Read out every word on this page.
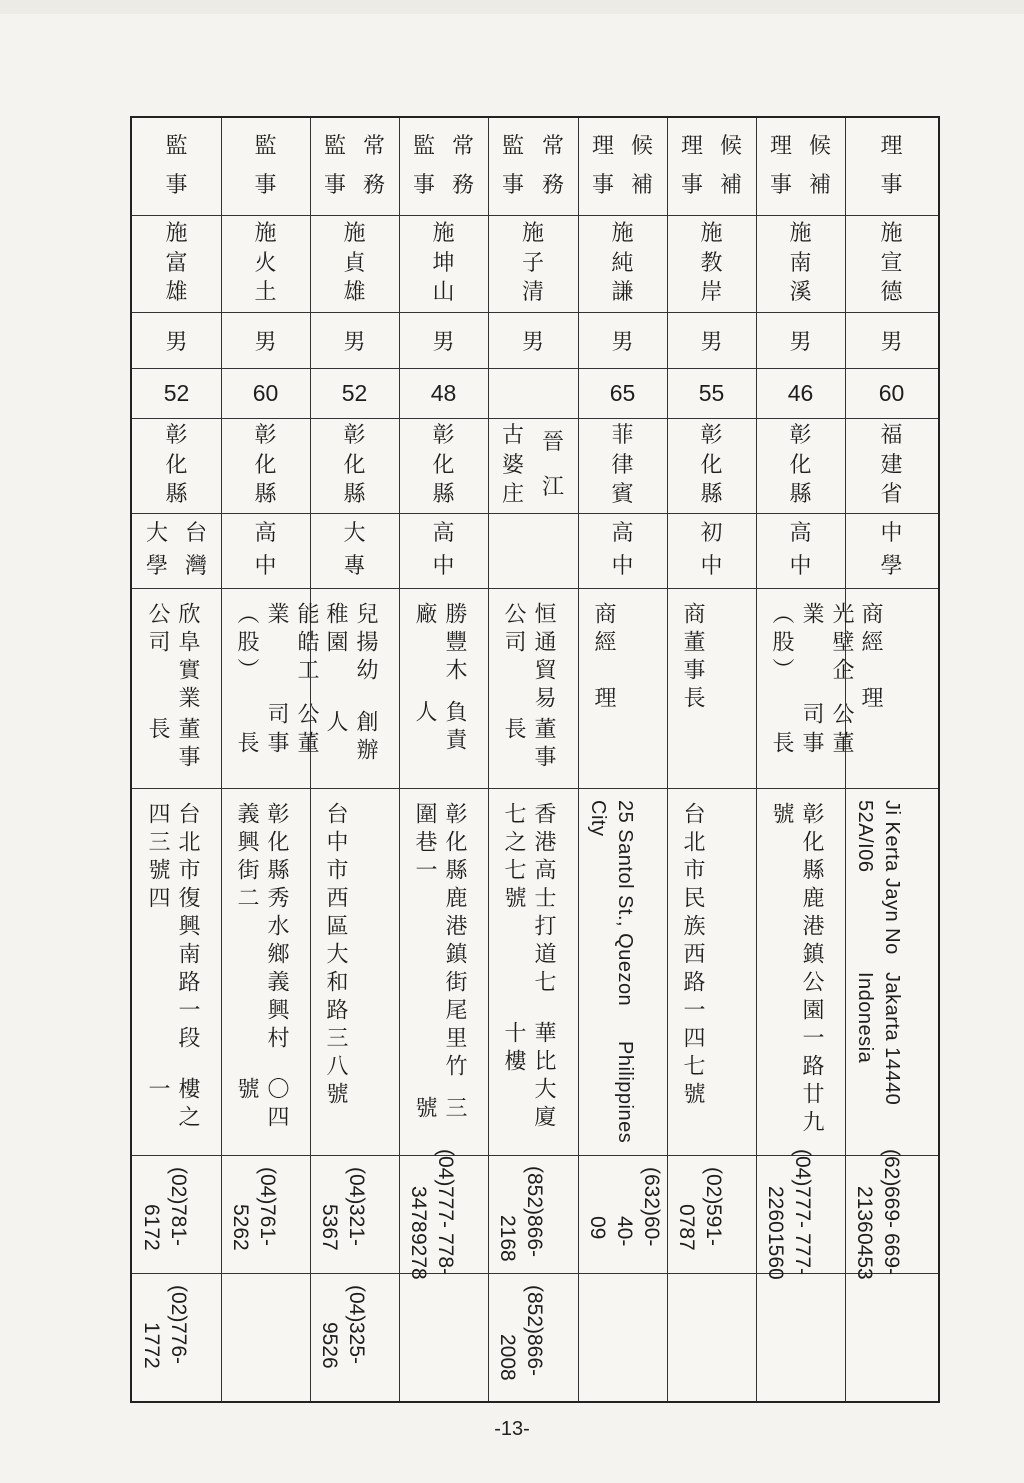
監
事
施
富
雄
男
52
彰
化
縣
大
學
台
灣
欣阜實業公司
董事長
台北市復興南路一段四三號四
樓之一
(02)
781-6172
(02)
776-1772
監
事
施
火
土
男
60
彰
化
縣
高
中
能皓工業（股）
公司
董事長
彰化縣秀水鄉義興村義興街二
〇四號
(04)
761-5262
監
事
常
務
施
貞
雄
男
52
彰
化
縣
大
專
兒揚幼稚園
創辦人
台中市西區大和路三八號
(04)
321-5367
(04)
325-9526
監
事
常
務
施
坤
山
男
48
彰
化
縣
高
中
勝豐木廠
負責人
彰化縣鹿港鎮街尾里竹圍巷一
三號
(04)
777-3478
778-9278
監
事
常
務
施
子
清
男
古
婆
庄
晉
江
恒通貿易公司
董事長
香港高士打道七七之七號
華比大廈十樓
(852)
866-2168
(852)
866-2008
理
事
候
補
施
純
謙
男
65
菲
律
賓
高
中
商
經　理
25 Santol St., Quezon City
Philippines
(632)
60-40-09
理
事
候
補
施
教
岸
男
55
彰
化
縣
初
中
商
董事長
台北市民族西路一四七號
(02)
591-0787
理
事
候
補
施
南
溪
男
46
彰
化
縣
高
中
光壁企業（股）
公司
董事長
彰化縣鹿港鎮公園一路廿九號
(04)
777-2260
777-1560
理
事
施
宣
德
男
60
福
建
省
中
學
商
經　理
Ji Kerta Jayn No 52A/I06
Jakarta 14440 Indonesia
(62)
669-2136
669-0453
-13-
